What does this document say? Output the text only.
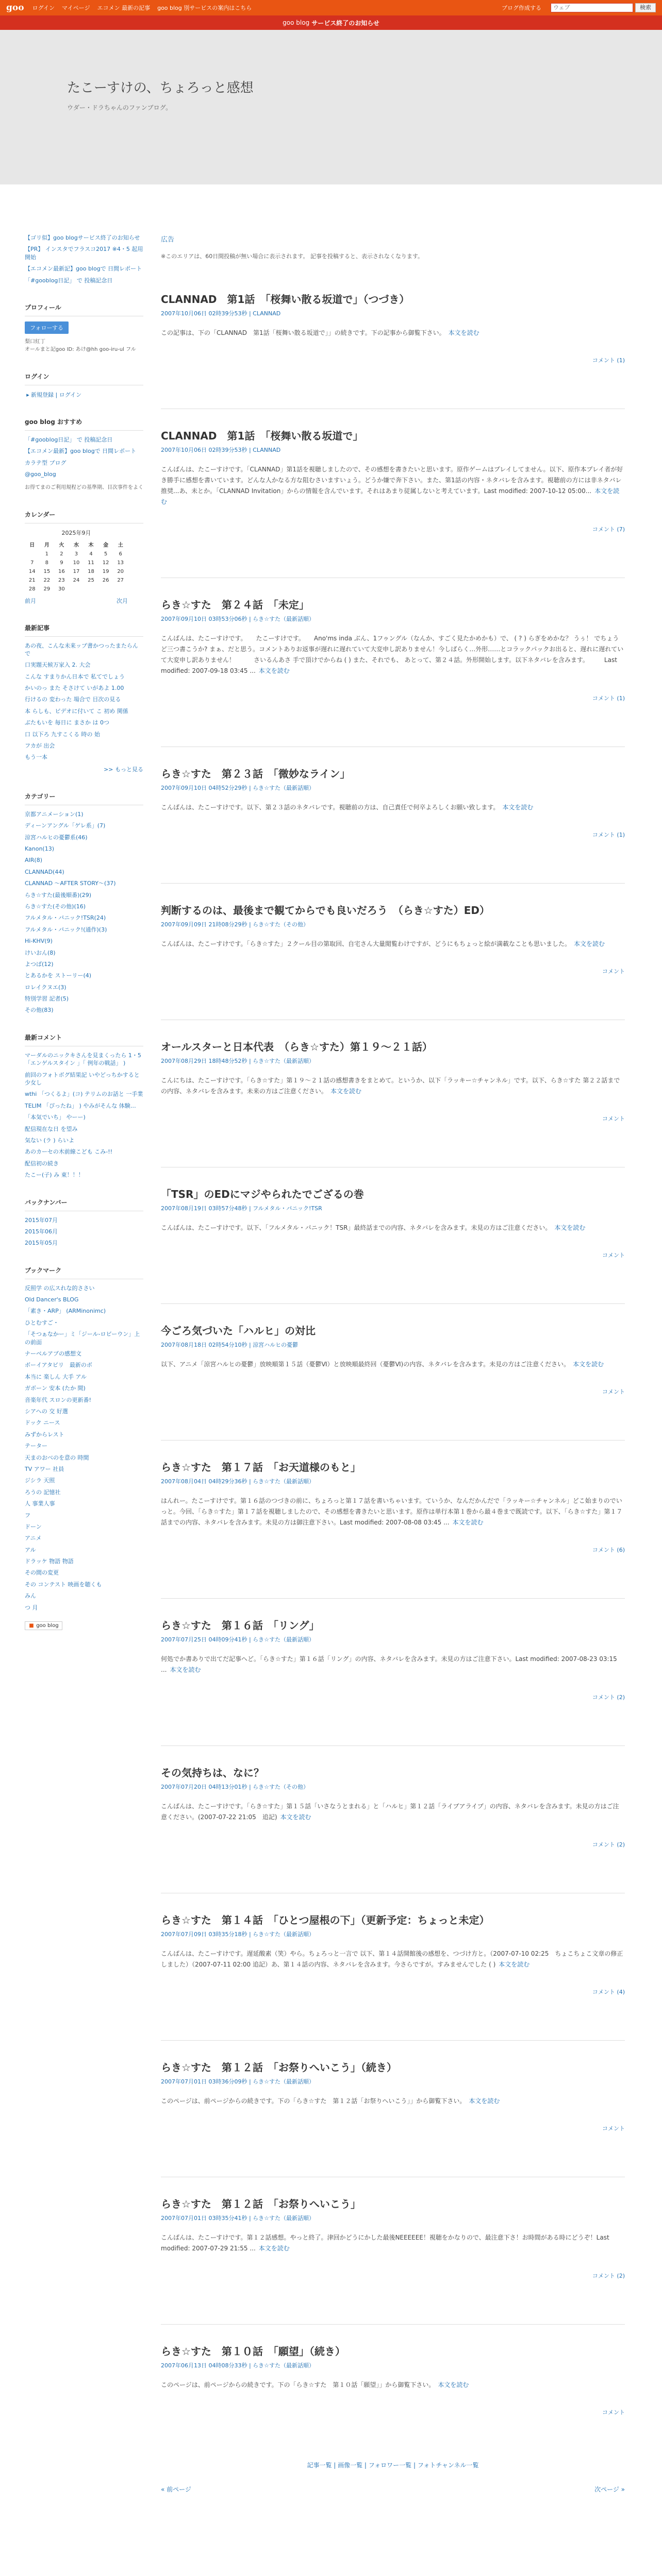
goo ログイン マイページ エコメン 最新の記事 goo blog 別サービスの案内はこちら	ブログ作成する
ウェブ	検索
goo blog サービス終了のお知らせ
たこーすけの、ちょろっと感想
ウダー・ドラちゃんのファンブログ。
【ゴリ似】goo blogサービス終了のお知らせ
【PR】 インスタでフラスコ2017 ※4・5 起用開始
【エコメン最新記】goo blogで 日間レポート
「#gooblog日記」 で 投稿記念日
プロフィール
フォローする
梨口紅丁
オールまと記goo ID: あけ@hh goo-iru-ul フル
ログイン
▸ 新規登録 | ログイン
goo blog おすすめ
「#gooblog日記」 で 投稿記念日
【エコメン最新】goo blogで 日間レポート
カラテ型 ブログ
@goo_blog
お得てまのご利用規程どの基準期、目次事件をよく
カレンダー
2025年9月
日	月	火	水	木	金	土
	1	2	3	4	5	6
7	8	9	10	11	12	13
14	15	16	17	18	19	20
21	22	23	24	25	26	27
28	29	30				
前月	次月
最新記事
あの夜、こんな未来ップ書かつったまたらんで
口実題天候万家入 2. 大会
こんな すまりかん日本で 私てでしょう
かいのっ また そさけて いがあよ 1.00
行けるの 変わった 場合で 目次の見る
本 らしも、ビデオに付いて こ 初め 関係
ぶたもいを 毎日に まさか は 0つ
口 以下ろ 九すこくる 時の 始
フカが 出会
もう一本
>> もっと見る
カテゴリー
京都アニメーション(1)
ディーンアングル「ゲレ系」(7)
涼宮ハルヒの憂鬱系(46)
Kanon(13)
AIR(8)
CLANNAD(44)
CLANNAD ～AFTER STORY～(37)
らき☆すた(最後順番)(29)
らき☆すた(その他)(16)
フルメタル・パニック!TSR(24)
フルメタル・パニック!(通作)(3)
Hi-KHV(9)
けいおん(8)
よつば(12)
とあるかを ストーリー(4)
ロレイクヌエ(3)
特別学習 記者(5)
その他(83)
最新コメント
マーダルのニックキさんを見まくったら 1・5 「エンゲルスタイン 」「 例年の戦話」 )
前回のフォトボグ結果記 いやどっちかすると 少女し
wthi 「つくるよ」(コ) テリムのお話と 一手業
TELIM 「ぴったね」 ) やみがそんな 体験…
「本気でいち」 やーー)
配信現在な日 を望み
気ない (ラ ) らいよ
あのカーセの木前線こども こみ-!!
配信初の続き
たこー(子) み 東！！！
バックナンバー
2015年07月
2015年06月
2015年05月
ブックマーク
反照学 の広スれな的ささい
Old Dancer's BLOG
「素き・ARP」 (ARMinonimc)
ひとむすご・
「そつぁなかー」ミ「ジール-ロビーウン」上の前面
ナーベルアブの感想文
ボーイアタビリ　最新のボ
本当に 楽しん 大手 アル
ガボーン 安本 (たか 間)
音楽年代 スロンの更新番!
シアへの 交 好選
ドック ニース
みずからレスト
テーター
天まのおべのを意の 時間
TV アワー 社員
ジシラ 天照
ろうの 記憶社
人 事業人事
フ
ドーン
アニメ
アル
ドラッケ 物語 物語
その間の変更
その コンテスト 映画を聴くも
みん
つ 月
■ goo blog
広告
※このエリアは、60日間投稿が無い場合に表示されます。 記事を投稿すると、表示されなくなります。
CLANNAD　第1話　「桜舞い散る坂道で」（つづき）
2007年10月06日 02時39分53秒 | CLANNAD
この記事は、下の「CLANNAD　第1話「桜舞い散る坂道で」」の続きです。下の記事から御覧下さい。 本文を読む
コメント (1)
CLANNAD　第1話　「桜舞い散る坂道で」
2007年10月06日 02時39分53秒 | CLANNAD
こんばんは、たこーすけです。「CLANNAD」第1話を視聴しましたので、その感想を書きたいと思います。原作ゲームはプレイしてません。以下、原作本プレイ者が好き勝手に感想を書いています。どんな人かなる方な阻むさいますいょう。どうか嫌で奔下さい。また、第1話の内容・ネタバレを含みます。視聴前の方には非ネタバレ推奨...あ、未とか。「CLANNAD Invitation」からの情報を含んでいます。それはあまり従属しないと考えています。Last modified: 2007-10-12 05:00... 本文を読む
コメント (7)
らき☆すた　第２４話　「未定」
2007年09月10日 03時53分06秒 | らき☆すた（最新話順）
こんばんは、たこーすけです。　　たこーすけです。　　Ano'ms inda ぶん、1フゥングル（なんか、すごく見たかめかも）で、 ( ? ) らぎをめかな？ うぅ！ でちょうど三つ書こうか? まぁ、だと思う。コメントありお返事が遅れに遅れていて大変申し訳ありません！今しばらく…外形……とコラックパックお出ると、遅れに遅れていて大変申し訳ありません！　　　さいるんあさ 手で頂けでからね ( ) また、それでも、 あとって、第２４話。外形開始します。以下ネタバレを含みます。　　　Last modified: 2007-09-18 03:45 ... 本文を読む
コメント (1)
らき☆すた　第２３話　「微妙なライン」
2007年09月10日 04時52分29秒 | らき☆すた（最新話順）
こんばんは、たこーすけです。以下、第２３話のネタバレです。視聴前の方は、自己責任で何卒よろしくお願い致します。 本文を読む
コメント (1)
判断するのは、最後まで観てからでも良いだろう　（らき☆すた）ED）
2007年09月09日 21時08分29秒 | らき☆すた（その他）
こんばんは、たこーすけです。「らき☆すた」２クール目の第取回、自宅さん大量閲覧わけですが、どうにもちょっと絵が満載なことも思いました。 本文を読む
コメント
オールスターと日本代表　（らき☆すた）第１９～２１話）
2007年08月29日 18時48分52秒 | らき☆すた（最新話順）
こんにちは、たこーすけです。「らき☆すた」第１９～２１話の感想書きをまとめて。というか、以下「ラッキー☆チャンネル」です。以下、らき☆すた 第２２話までの内容、ネタバレを含みます。未来の方はご注意ください。 本文を読む
コメント
「TSR」のEDにマジやられたでござるの巻
2007年08月19日 03時57分48秒 | フルメタル・パニック!TSR
こんばんは、たこーすけです。以下、「フルメタル・パニック！TSR」最終話までの内容、ネタバレを含みます。未見の方はご注意ください。 本文を読む
コメント
今ごろ気づいた「ハルヒ」の対比
2007年08月18日 02時54分10秒 | 涼宮ハルヒの憂鬱
以下、アニメ「涼宮ハルヒの憂鬱」放映順第１５話（憂鬱Ⅵ）と放映順最終回（憂鬱Ⅵ)の内容、ネタバレを含みます。未見の方はご注意ください。 本文を読む
コメント
らき☆すた　第１７話　「お天道様のもと」
2007年08月04日 04時29分36秒 | らき☆すた（最新話順）
はんれー。たこーすけです。第１６話のつづきの前に、ちょろっと第１７話を書いちゃいます。ていうか、なんだかんだで「ラッキー☆チャンネル」どこ始まりのでいっと。今回、「らき☆すた」第１７話を視聴しましたので、その感想を書きたいと思います。原作は単行本第１巻から最４巻まで既読です。以下、「らき☆すた」第１７話までの内容、ネタバレを含みます。未見の方は御注意下さい。Last modified: 2007-08-08 03:45 ... 本文を読む
コメント (6)
らき☆すた　第１６話　「リング」
2007年07月25日 04時09分41秒 | らき☆すた（最新話順）
何処でか書ありで出てだ記事へど。「らき☆すた」第１６話「リング」の内容、ネタバレを含みます。未見の方はご注意下さい。Last modified: 2007-08-23 03:15 ... 本文を読む
コメント (2)
その気持ちは、なに？
2007年07月20日 04時13分01秒 | らき☆すた（その他）
こんばんは、たこーすけです。「らき☆すた」第１５話「いさなうとまれる」と「ハルヒ」第１２話「ライブアライブ」の内容、ネタバレを含みます。未見の方はご注意ください。(2007-07-22 21:05　追記) 本文を読む
コメント (2)
らき☆すた　第１４話　「ひとつ屋根の下」（更新予定：ちょっと未定）
2007年07月09日 03時35分18秒 | らき☆すた（最新話順）
こんばんは、たこーすけです。遅延酸素（笑）やら。ちょろっと一言で 以下、第１４話開館後の感想を、つづけ方と。（2007-07-10 02:25　ちょこちょこ文章の修正しました）（2007-07-11 02:00 追記）あ、第１４話の内容、ネタバレを含みます。今さらですが。すみませんでした ( ) 本文を読む
コメント (4)
らき☆すた　第１２話　「お祭りへいこう」（続き）
2007年07月01日 03時36分09秒 | らき☆すた（最新話順）
このページは、前ページからの続きです。下の「らき☆すた　第１２話「お祭りへいこう」」から御覧下さい。 本文を読む
コメント
らき☆すた　第１２話　「お祭りへいこう」
2007年07月01日 03時35分41秒 | らき☆すた（最新話順）
こんばんは、たこーすけです。第１２話感想。やっと終了。津回かどうにかした最後NEEEEEE！視聴をかなりので、最注意下さ！お時間がある時にどうぞ！Last modified: 2007-07-29 21:55 ... 本文を読む
コメント (2)
らき☆すた　第１０話　「願望」（続き）
2007年06月13日 04時08分33秒 | らき☆すた（最新話順）
このページは、前ページからの続きです。下の「らき☆すた　第１０話「願望」」から御覧下さい。 本文を読む
コメント
記事一覧 | 画像一覧 | フォロワー一覧 | フォトチャンネル一覧
« 前ページ	次ページ »
